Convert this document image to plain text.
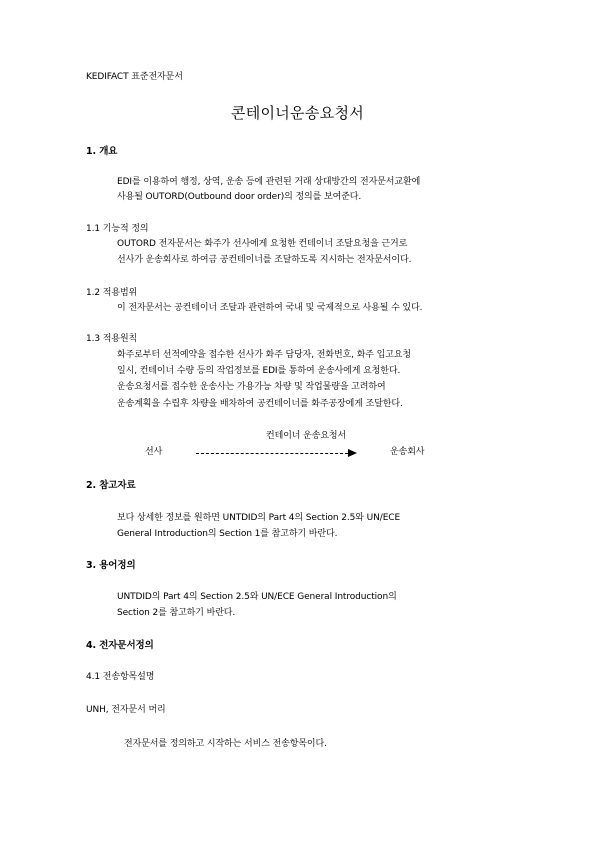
KEDIFACT 표준전자문서
콘테이너운송요청서
1. 개요
EDI를 이용하여 행정, 상역, 운송 등에 관련된 거래 상대방간의 전자문서교환에
사용될 OUTORD(Outbound door order)의 정의를 보여준다.
1.1 기능적 정의
OUTORD 전자문서는 화주가 선사에게 요청한 컨테이너 조달요청을 근거로
선사가 운송회사로 하여금 공컨테이너를 조달하도록 지시하는 전자문서이다.
1.2 적용범위
이 전자문서는 공컨테이너 조달과 관련하여 국내 및 국제적으로 사용될 수 있다.
1.3 적용원칙
화주로부터 선적예약을 접수한 선사가 화주 담당자, 전화번호, 화주 입고요청
일시, 컨테이너 수량 등의 작업정보를 EDI를 통하여 운송사에게 요청한다.
운송요청서를 접수한 운송사는 가용가능 차량 및 작업물량을 고려하여
운송계획을 수립후 차량을 배차하여 공컨테이너를 화주공장에게 조달한다.
컨테이너 운송요청서
선사	운송회사
2. 참고자료
보다 상세한 정보를 원하면 UNTDID의 Part 4의 Section 2.5와 UN/ECE
General Introduction의 Section 1를 참고하기 바란다.
3. 용어정의
UNTDID의 Part 4의 Section 2.5와 UN/ECE General Introduction의
Section 2를 참고하기 바란다.
4. 전자문서정의
4.1 전송항목설명
UNH, 전자문서 머리
전자문서를 정의하고 시작하는 서비스 전송항목이다.
